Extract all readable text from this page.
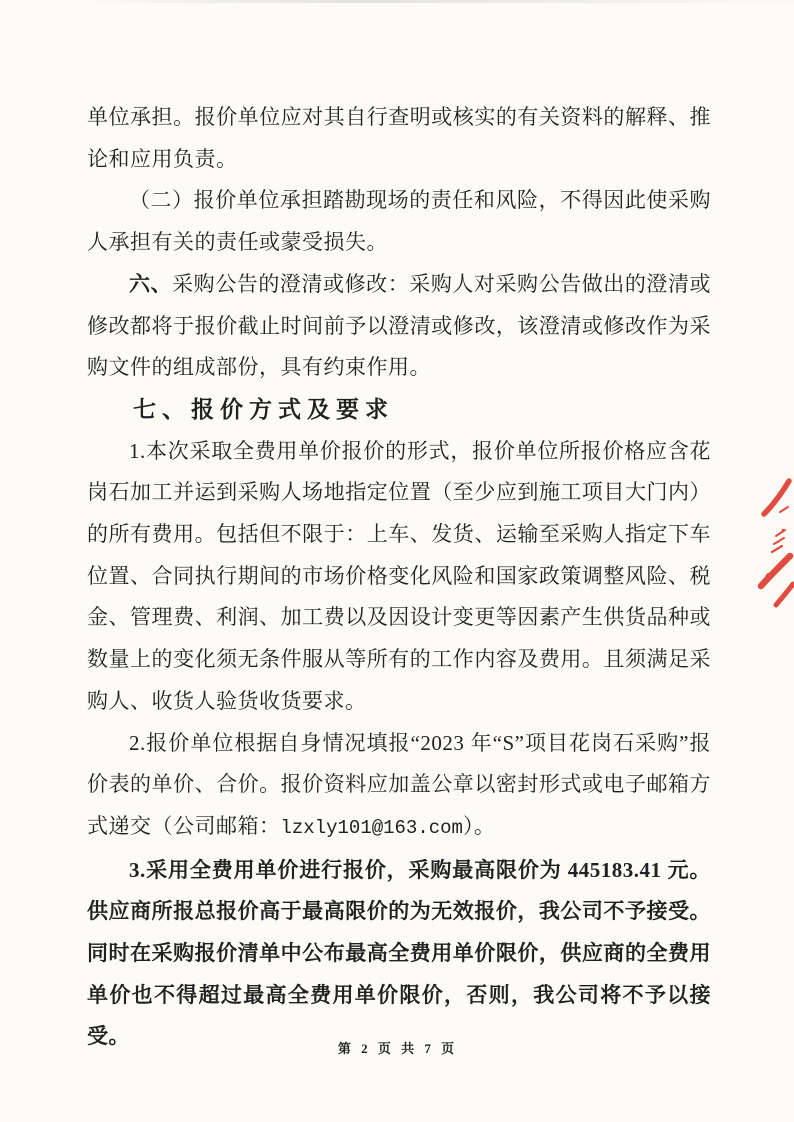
单位承担。报价单位应对其自行查明或核实的有关资料的解释、推论和应用负责。

（二）报价单位承担踏勘现场的责任和风险，不得因此使采购人承担有关的责任或蒙受损失。

六、采购公告的澄清或修改：采购人对采购公告做出的澄清或修改都将于报价截止时间前予以澄清或修改，该澄清或修改作为采购文件的组成部份，具有约束作用。

七、报价方式及要求

1.本次采取全费用单价报价的形式，报价单位所报价格应含花岗石加工并运到采购人场地指定位置（至少应到施工项目大门内）的所有费用。包括但不限于：上车、发货、运输至采购人指定下车位置、合同执行期间的市场价格变化风险和国家政策调整风险、税金、管理费、利润、加工费以及因设计变更等因素产生供货品种或数量上的变化须无条件服从等所有的工作内容及费用。且须满足采购人、收货人验货收货要求。

2.报价单位根据自身情况填报“2023 年“S”项目花岗石采购”报价表的单价、合价。报价资料应加盖公章以密封形式或电子邮箱方式递交（公司邮箱：lzxly101@163.com）。

3.采用全费用单价进行报价，采购最高限价为 445183.41 元。供应商所报总报价高于最高限价的为无效报价，我公司不予接受。同时在采购报价清单中公布最高全费用单价限价，供应商的全费用单价也不得超过最高全费用单价限价，否则，我公司将不予以接受。

第 2 页 共 7 页
